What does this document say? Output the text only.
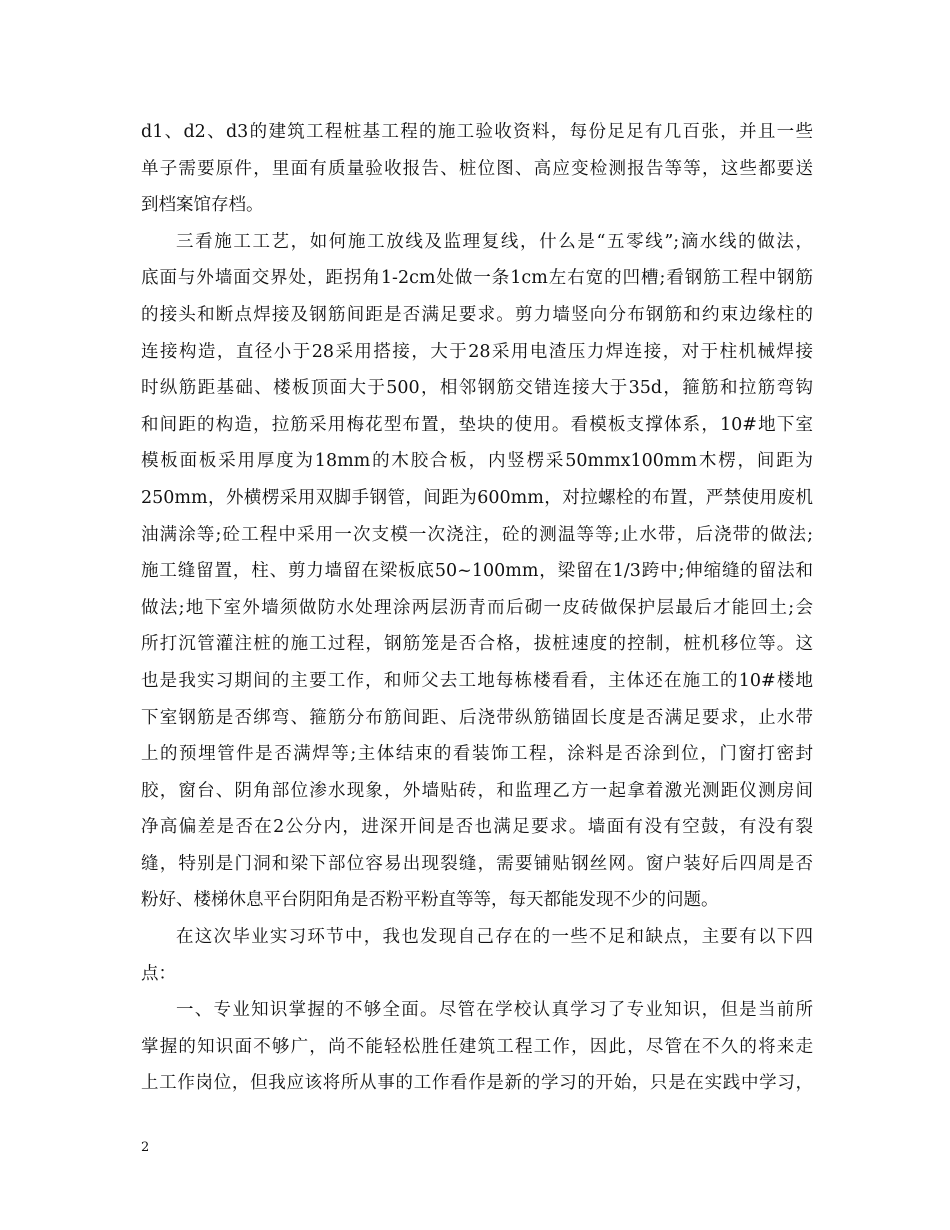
d1、d2、d3的建筑工程桩基工程的施工验收资料，每份足足有几百张，并且一些
单子需要原件，里面有质量验收报告、桩位图、高应变检测报告等等，这些都要送
到档案馆存档。
三看施工工艺，如何施工放线及监理复线，什么是“五零线”;滴水线的做法，
底面与外墙面交界处，距拐角1-2cm处做一条1cm左右宽的凹槽;看钢筋工程中钢筋
的接头和断点焊接及钢筋间距是否满足要求。剪力墙竖向分布钢筋和约束边缘柱的
连接构造，直径小于28采用搭接，大于28采用电渣压力焊连接，对于柱机械焊接
时纵筋距基础、楼板顶面大于500，相邻钢筋交错连接大于35d，箍筋和拉筋弯钩
和间距的构造，拉筋采用梅花型布置，垫块的使用。看模板支撑体系，10#地下室
模板面板采用厚度为18mm的木胶合板，内竖楞采50mmx100mm木楞，间距为
250mm，外横楞采用双脚手钢管，间距为600mm，对拉螺栓的布置，严禁使用废机
油满涂等;砼工程中采用一次支模一次浇注，砼的测温等等;止水带，后浇带的做法;
施工缝留置，柱、剪力墙留在梁板底50~100mm，梁留在1/3跨中;伸缩缝的留法和
做法;地下室外墙须做防水处理涂两层沥青而后砌一皮砖做保护层最后才能回土;会
所打沉管灌注桩的施工过程，钢筋笼是否合格，拔桩速度的控制，桩机移位等。这
也是我实习期间的主要工作，和师父去工地每栋楼看看，主体还在施工的10#楼地
下室钢筋是否绑弯、箍筋分布筋间距、后浇带纵筋锚固长度是否满足要求，止水带
上的预埋管件是否满焊等;主体结束的看装饰工程，涂料是否涂到位，门窗打密封
胶，窗台、阴角部位渗水现象，外墙贴砖，和监理乙方一起拿着激光测距仪测房间
净高偏差是否在2公分内，进深开间是否也满足要求。墙面有没有空鼓，有没有裂
缝，特别是门洞和梁下部位容易出现裂缝，需要铺贴钢丝网。窗户装好后四周是否
粉好、楼梯休息平台阴阳角是否粉平粉直等等，每天都能发现不少的问题。
在这次毕业实习环节中，我也发现自己存在的一些不足和缺点，主要有以下四
点：
一、专业知识掌握的不够全面。尽管在学校认真学习了专业知识，但是当前所
掌握的知识面不够广，尚不能轻松胜任建筑工程工作，因此，尽管在不久的将来走
上工作岗位，但我应该将所从事的工作看作是新的学习的开始，只是在实践中学习，
2
